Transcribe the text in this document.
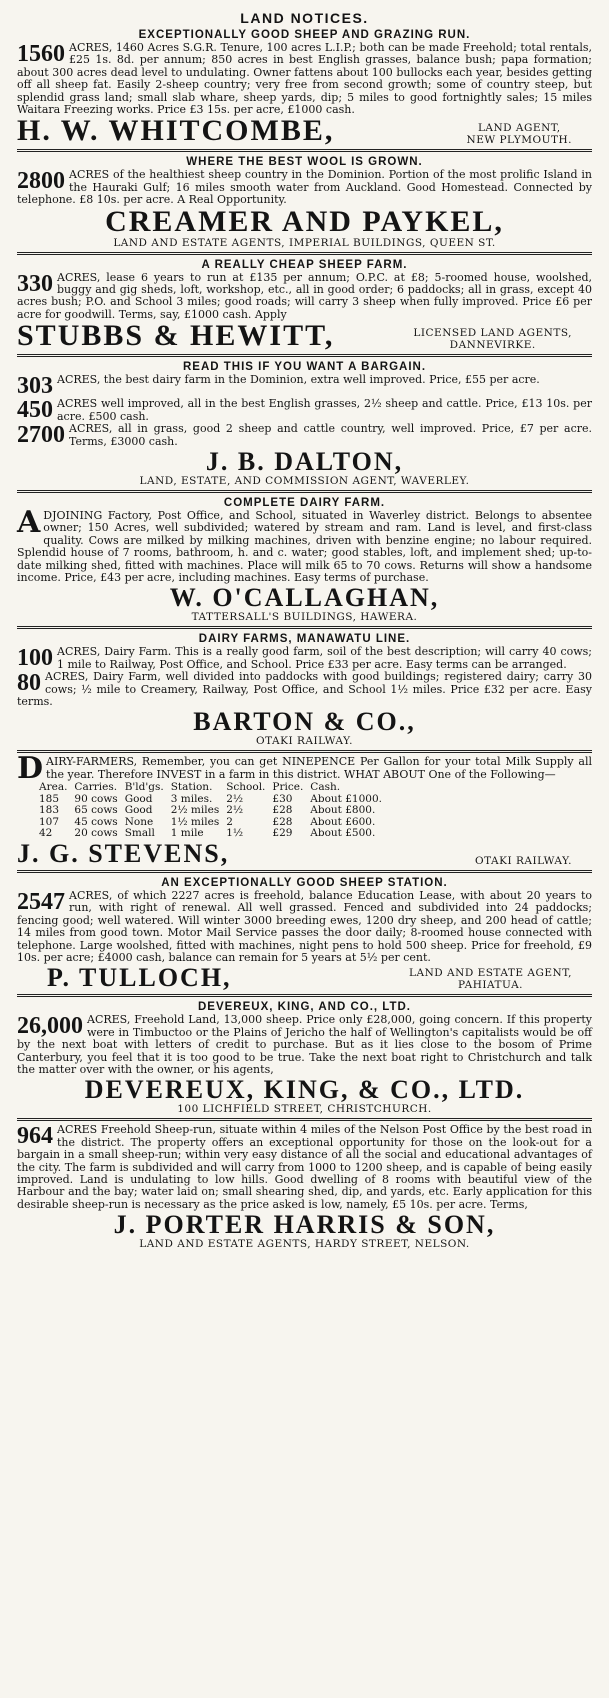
LAND NOTICES.
EXCEPTIONALLY GOOD SHEEP AND GRAZING RUN.
1560 ACRES, 1460 Acres S.G.R. Tenure, 100 acres L.I.P.; both can be made Freehold; total rentals, £25 1s. 8d. per annum; 850 acres in best English grasses, balance bush; papa formation; about 300 acres dead level to undulating. Owner fattens about 100 bullocks each year, besides getting off all sheep fat. Easily 2-sheep country; very free from second growth; some of country steep, but splendid grass land; small slab whare, sheep yards, dip; 5 miles to good fortnightly sales; 15 miles Waitara Freezing works. Price £3 15s. per acre, £1000 cash.
H. W. WHITCOMBE,	LAND AGENT,
NEW PLYMOUTH.
WHERE THE BEST WOOL IS GROWN.
2800 ACRES of the healthiest sheep country in the Dominion. Portion of the most prolific Island in the Hauraki Gulf; 16 miles smooth water from Auckland. Good Homestead. Connected by telephone. £8 10s. per acre. A Real Opportunity.
CREAMER AND PAYKEL,
LAND AND ESTATE AGENTS, IMPERIAL BUILDINGS, QUEEN ST.
A REALLY CHEAP SHEEP FARM.
330 ACRES, lease 6 years to run at £135 per annum; O.P.C. at £8; 5-roomed house, woolshed, buggy and gig sheds, loft, workshop, etc., all in good order; 6 paddocks; all in grass, except 40 acres bush; P.O. and School 3 miles; good roads; will carry 3 sheep when fully improved. Price £6 per acre for goodwill. Terms, say, £1000 cash. Apply
STUBBS & HEWITT,	LICENSED LAND AGENTS,
DANNEVIRKE.
READ THIS IF YOU WANT A BARGAIN.
303 ACRES, the best dairy farm in the Dominion, extra well improved. Price, £55 per acre.
450 ACRES well improved, all in the best English grasses, 2½ sheep and cattle. Price, £13 10s. per acre. £500 cash.
2700 ACRES, all in grass, good 2 sheep and cattle country, well improved. Price, £7 per acre. Terms, £3000 cash.
J. B. DALTON,
LAND, ESTATE, AND COMMISSION AGENT, WAVERLEY.
COMPLETE DAIRY FARM.
A DJOINING Factory, Post Office, and School, situated in Waverley district. Belongs to absentee owner; 150 Acres, well subdivided; watered by stream and ram. Land is level, and first-class quality. Cows are milked by milking machines, driven with benzine engine; no labour required. Splendid house of 7 rooms, bathroom, h. and c. water; good stables, loft, and implement shed; up-to-date milking shed, fitted with machines. Place will milk 65 to 70 cows. Returns will show a handsome income. Price, £43 per acre, including machines. Easy terms of purchase.
W. O'CALLAGHAN,
TATTERSALL'S BUILDINGS, HAWERA.
DAIRY FARMS, MANAWATU LINE.
100 ACRES, Dairy Farm. This is a really good farm, soil of the best description; will carry 40 cows; 1 mile to Railway, Post Office, and School. Price £33 per acre. Easy terms can be arranged.
80 ACRES, Dairy Farm, well divided into paddocks with good buildings; registered dairy; carry 30 cows; ½ mile to Creamery, Railway, Post Office, and School 1½ miles. Price £32 per acre. Easy terms.
BARTON & CO.,
OTAKI RAILWAY.
D AIRY-FARMERS, Remember, you can get NINEPENCE Per Gallon for your total Milk Supply all the year. Therefore INVEST in a farm in this district. WHAT ABOUT One of the Following—
Area.	Carries.	B'ld'gs.	Station.	School.	Price.	Cash.
185	90 cows	Good	3 miles.	2½	£30	About £1000.
183	65 cows	Good	2½ miles	2½	£28	About £800.
107	45 cows	None	1½ miles	2	£28	About £600.
42	20 cows	Small	1 mile	1½	£29	About £500.
J. G. STEVENS,	OTAKI RAILWAY.
AN EXCEPTIONALLY GOOD SHEEP STATION.
2547 ACRES, of which 2227 acres is freehold, balance Education Lease, with about 20 years to run, with right of renewal. All well grassed. Fenced and subdivided into 24 paddocks; fencing good; well watered. Will winter 3000 breeding ewes, 1200 dry sheep, and 200 head of cattle; 14 miles from good town. Motor Mail Service passes the door daily; 8-roomed house connected with telephone. Large woolshed, fitted with machines, night pens to hold 500 sheep. Price for freehold, £9 10s. per acre; £4000 cash, balance can remain for 5 years at 5½ per cent.
P. TULLOCH,	LAND AND ESTATE AGENT,
PAHIATUA.
DEVEREUX, KING, AND CO., LTD.
26,000 ACRES, Freehold Land, 13,000 sheep. Price only £28,000, going concern. If this property were in Timbuctoo or the Plains of Jericho the half of Wellington's capitalists would be off by the next boat with letters of credit to purchase. But as it lies close to the bosom of Prime Canterbury, you feel that it is too good to be true. Take the next boat right to Christchurch and talk the matter over with the owner, or his agents,
DEVEREUX, KING, & CO., LTD.
100 LICHFIELD STREET, CHRISTCHURCH.
964 ACRES Freehold Sheep-run, situate within 4 miles of the Nelson Post Office by the best road in the district. The property offers an exceptional opportunity for those on the look-out for a bargain in a small sheep-run; within very easy distance of all the social and educational advantages of the city. The farm is subdivided and will carry from 1000 to 1200 sheep, and is capable of being easily improved. Land is undulating to low hills. Good dwelling of 8 rooms with beautiful view of the Harbour and the bay; water laid on; small shearing shed, dip, and yards, etc. Early application for this desirable sheep-run is necessary as the price asked is low, namely, £5 10s. per acre. Terms,
J. PORTER HARRIS & SON,
LAND AND ESTATE AGENTS, HARDY STREET, NELSON.
